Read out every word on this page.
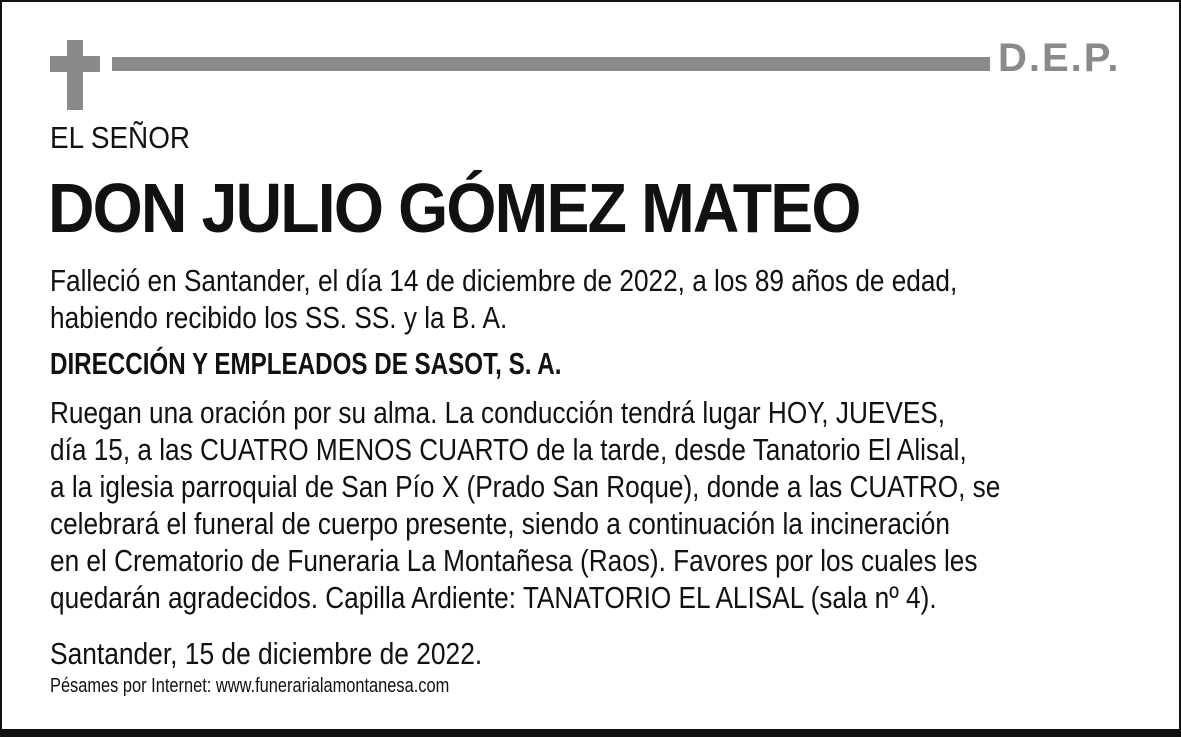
D.E.P.
EL SEÑOR
DON JULIO GÓMEZ MATEO
Falleció en Santander, el día 14 de diciembre de 2022, a los 89 años de edad,
habiendo recibido los SS. SS. y la B. A.
DIRECCIÓN Y EMPLEADOS DE SASOT, S. A.
Ruegan una oración por su alma. La conducción tendrá lugar HOY, JUEVES,
día 15, a las CUATRO MENOS CUARTO de la tarde, desde Tanatorio El Alisal,
a la iglesia parroquial de San Pío X (Prado San Roque), donde a las CUATRO, se
celebrará el funeral de cuerpo presente, siendo a continuación la incineración
en el Crematorio de Funeraria La Montañesa (Raos). Favores por los cuales les
quedarán agradecidos. Capilla Ardiente: TANATORIO EL ALISAL (sala nº 4).
Santander, 15 de diciembre de 2022.
Pésames por Internet: www.funerarialamontanesa.com
